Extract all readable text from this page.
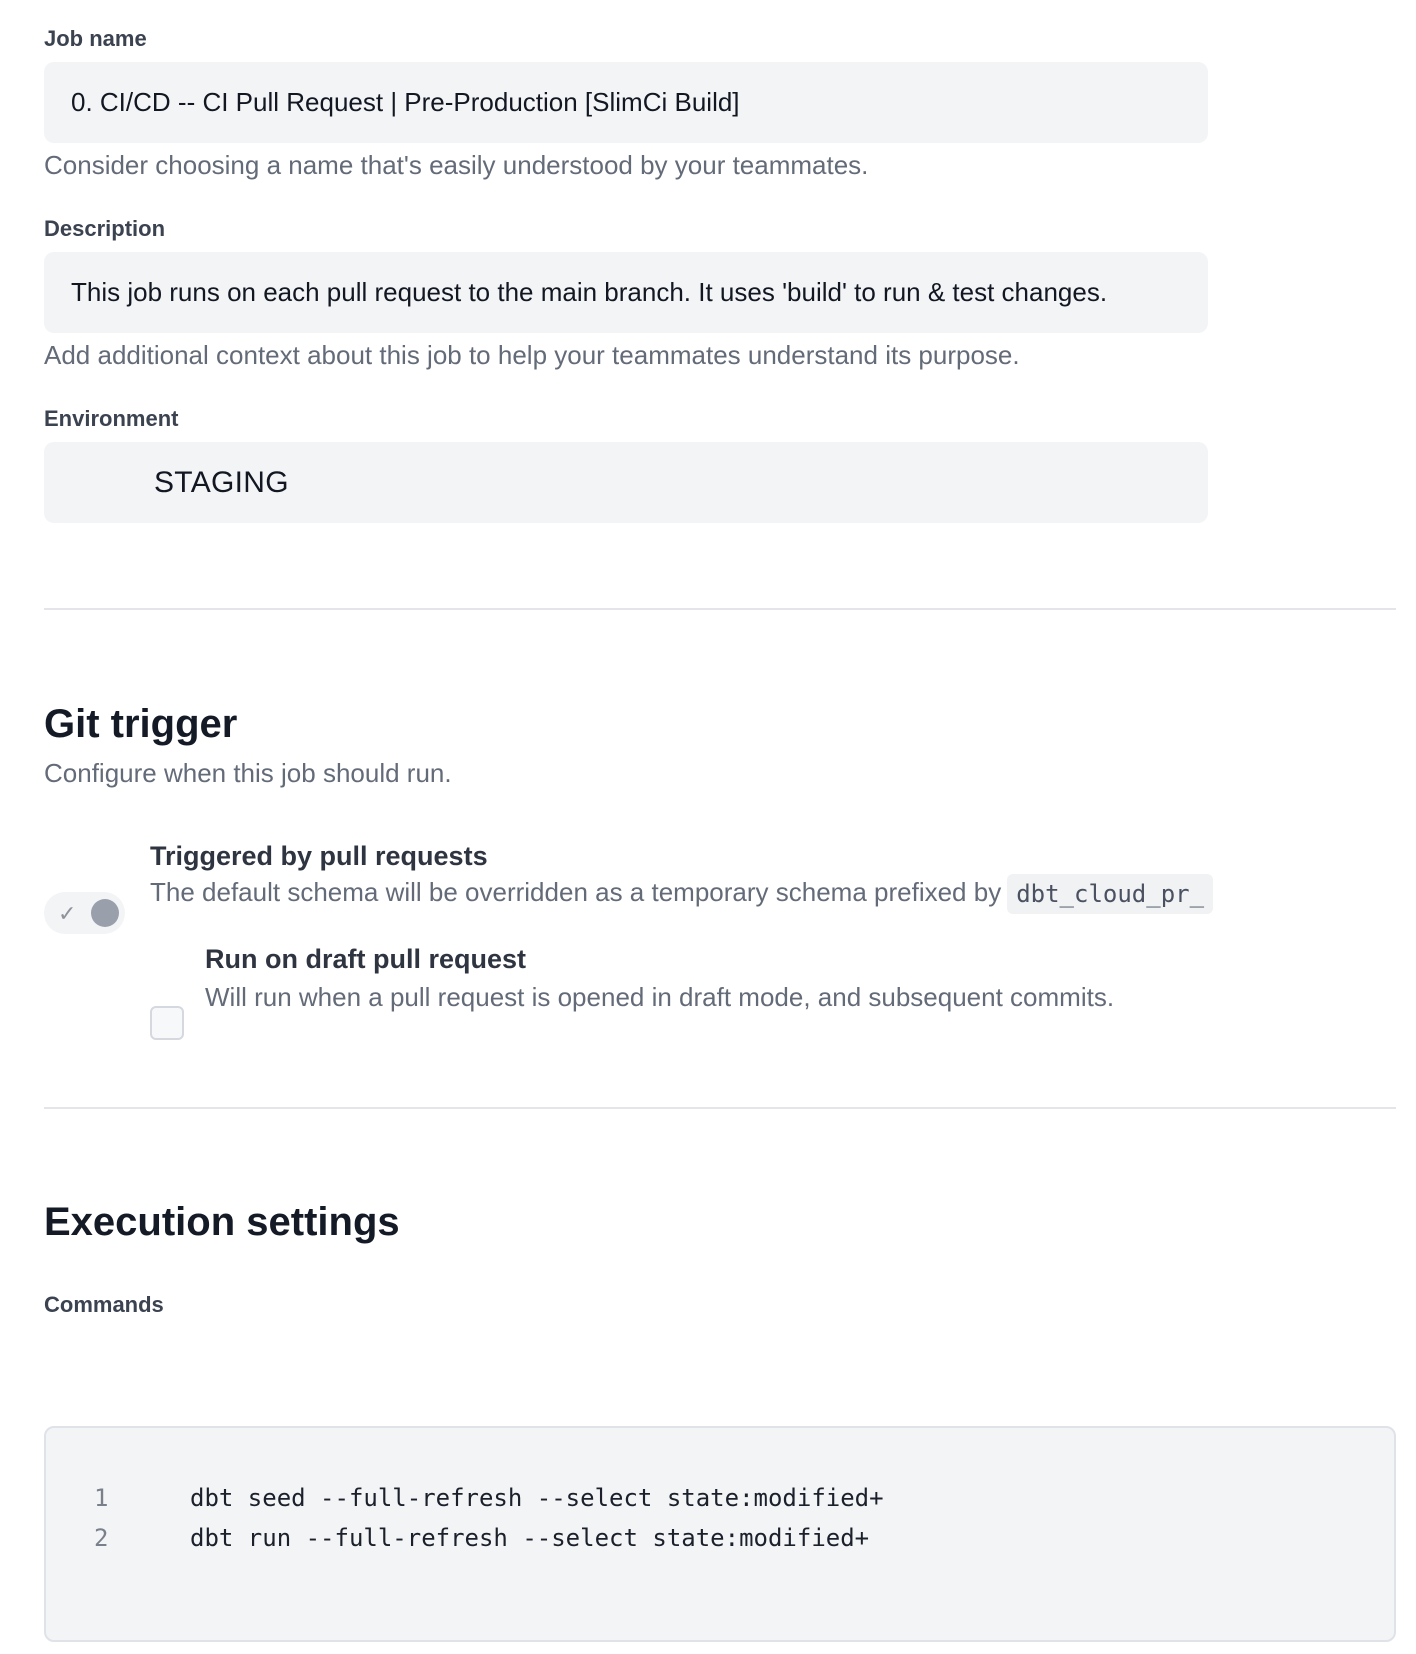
Job name
0. CI/CD -- CI Pull Request | Pre-Production [SlimCi Build]
Consider choosing a name that's easily understood by your teammates.
Description
This job runs on each pull request to the main branch. It uses 'build' to run & test changes.
Add additional context about this job to help your teammates understand its purpose.
Environment
STAGING
Git trigger
Configure when this job should run.
✓
Triggered by pull requests
The default schema will be overridden as a temporary schema prefixed by dbt_cloud_pr_
Run on draft pull request
Will run when a pull request is opened in draft mode, and subsequent commits.
Execution settings
Commands
1	dbt seed --full-refresh --select state:modified+
2	dbt run --full-refresh --select state:modified+
